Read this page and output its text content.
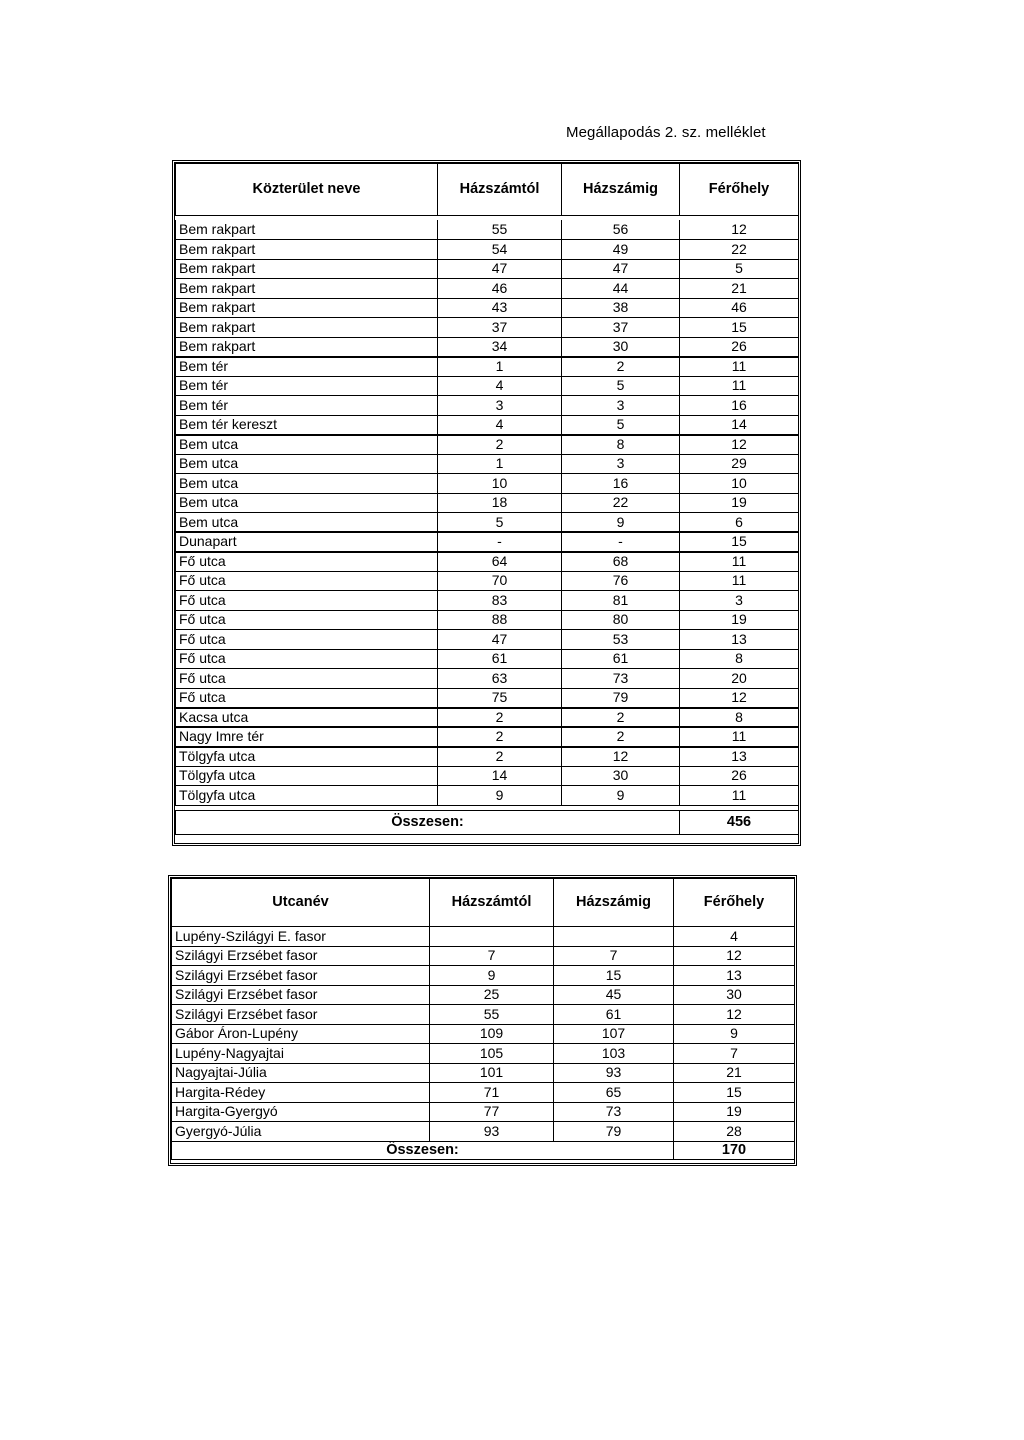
Megállapodás 2. sz. melléklet
Közterület neve	Házszámtól	Házszámig	Férőhely

Bem rakpart	55	56	12
Bem rakpart	54	49	22
Bem rakpart	47	47	5
Bem rakpart	46	44	21
Bem rakpart	43	38	46
Bem rakpart	37	37	15
Bem rakpart	34	30	26
Bem tér	1	2	11
Bem tér	4	5	11
Bem tér	3	3	16
Bem tér kereszt	4	5	14
Bem utca	2	8	12
Bem utca	1	3	29
Bem utca	10	16	10
Bem utca	18	22	19
Bem utca	5	9	6
Dunapart	-	-	15
Fő utca	64	68	11
Fő utca	70	76	11
Fő utca	83	81	3
Fő utca	88	80	19
Fő utca	47	53	13
Fő utca	61	61	8
Fő utca	63	73	20
Fő utca	75	79	12
Kacsa utca	2	2	8
Nagy Imre tér	2	2	11
Tölgyfa utca	2	12	13
Tölgyfa utca	14	30	26
Tölgyfa utca	9	9	11

Összesen:			456
Utcanév	Házszámtól	Házszámig	Férőhely
Lupény-Szilágyi E. fasor			4
Szilágyi Erzsébet fasor	7	7	12
Szilágyi Erzsébet fasor	9	15	13
Szilágyi Erzsébet fasor	25	45	30
Szilágyi Erzsébet fasor	55	61	12
Gábor Áron-Lupény	109	107	9
Lupény-Nagyajtai	105	103	7
Nagyajtai-Júlia	101	93	21
Hargita-Rédey	71	65	15
Hargita-Gyergyó	77	73	19
Gyergyó-Júlia	93	79	28
Összesen:			170
